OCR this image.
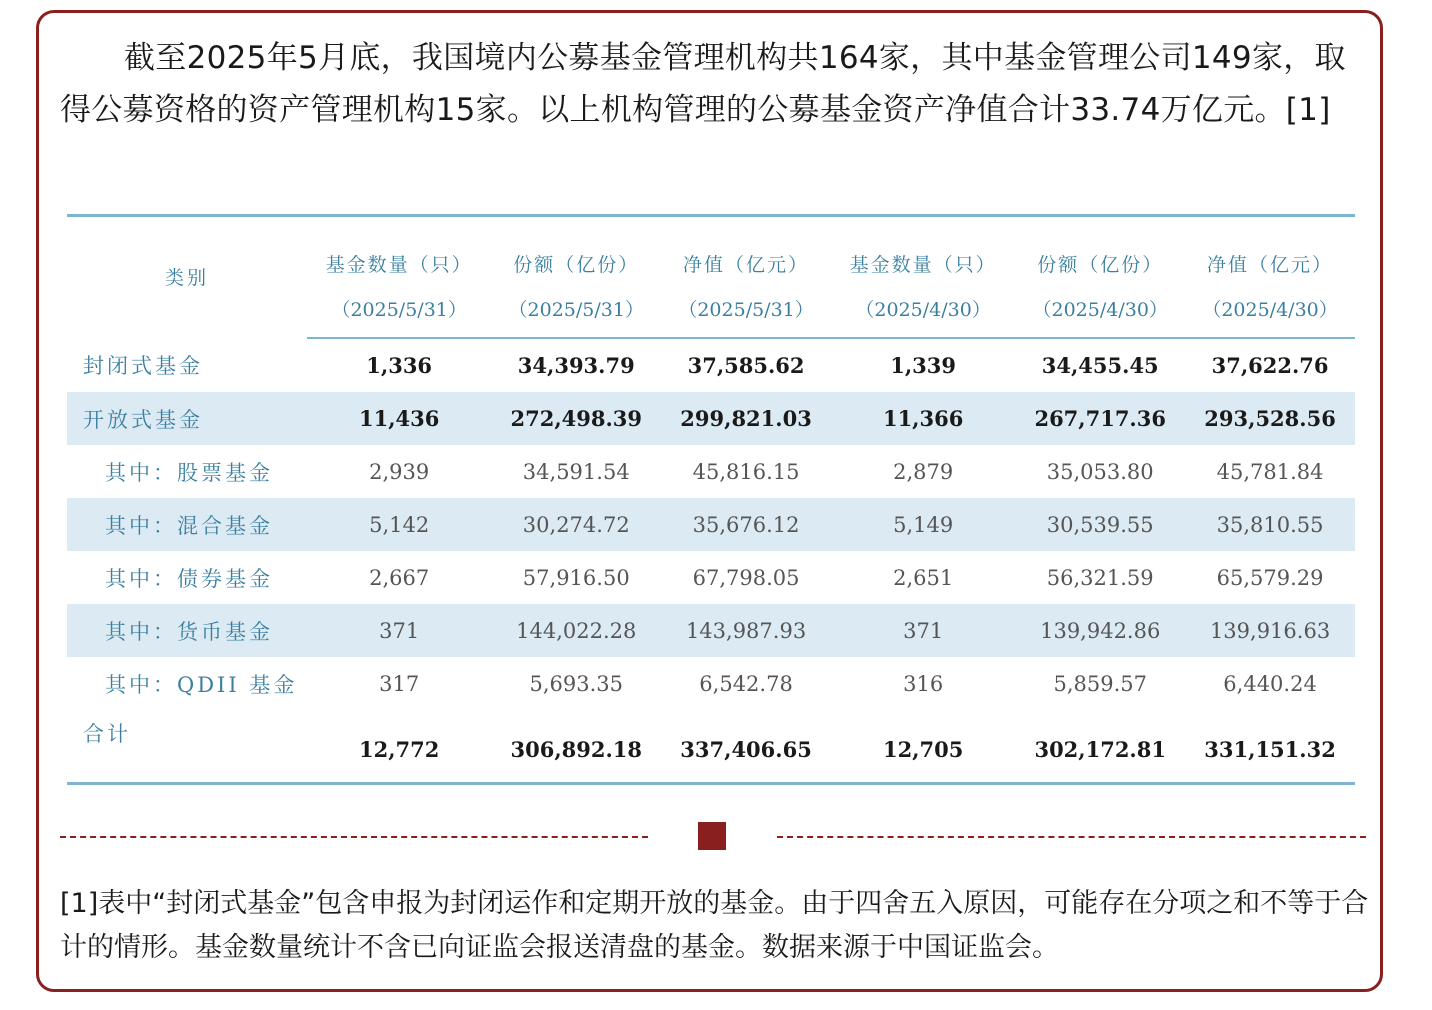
截至2025年5月底，我国境内公募基金管理机构共164家，其中基金管理公司149家，取得公募资格的资产管理机构15家。以上机构管理的公募基金资产净值合计33.74万亿元。[1]

类别	基金数量（只）	份额（亿份）	净值（亿元）	基金数量（只）	份额（亿份）	净值（亿元）
	（2025/5/31）	（2025/5/31）	（2025/5/31）	（2025/4/30）	（2025/4/30）	（2025/4/30）
封闭式基金	1,336	34,393.79	37,585.62	1,339	34,455.45	37,622.76
开放式基金	11,436	272,498.39	299,821.03	11,366	267,717.36	293,528.56
其中：股票基金	2,939	34,591.54	45,816.15	2,879	35,053.80	45,781.84
其中：混合基金	5,142	30,274.72	35,676.12	5,149	30,539.55	35,810.55
其中：债券基金	2,667	57,916.50	67,798.05	2,651	56,321.59	65,579.29
其中：货币基金	371	144,022.28	143,987.93	371	139,942.86	139,916.63
其中：QDII 基金	317	5,693.35	6,542.78	316	5,859.57	6,440.24
合计	12,772	306,892.18	337,406.65	12,705	302,172.81	331,151.32

[1]表中“封闭式基金”包含申报为封闭运作和定期开放的基金。由于四舍五入原因，可能存在分项之和不等于合计的情形。基金数量统计不含已向证监会报送清盘的基金。数据来源于中国证监会。
